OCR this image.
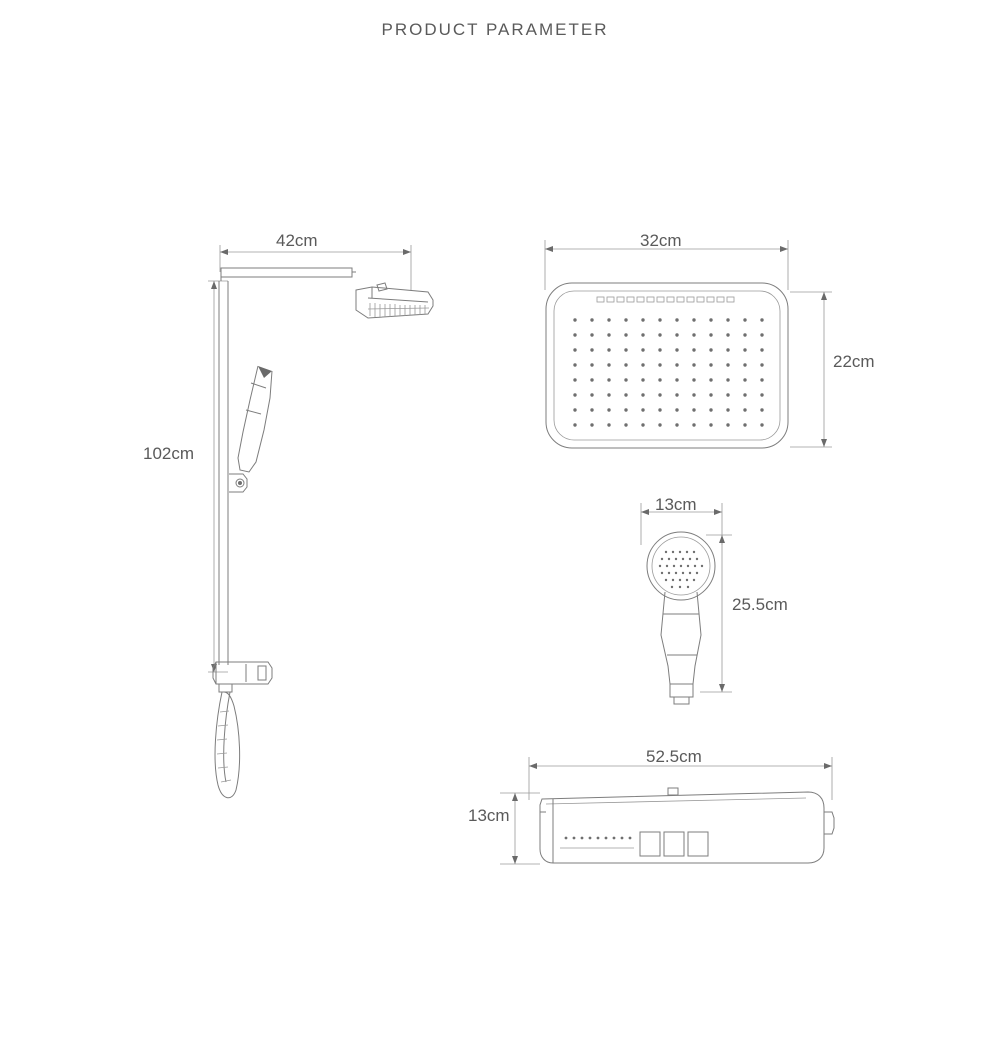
PRODUCT PARAMETER
42cm
102cm
32cm
22cm
13cm
25.5cm
52.5cm
13cm
